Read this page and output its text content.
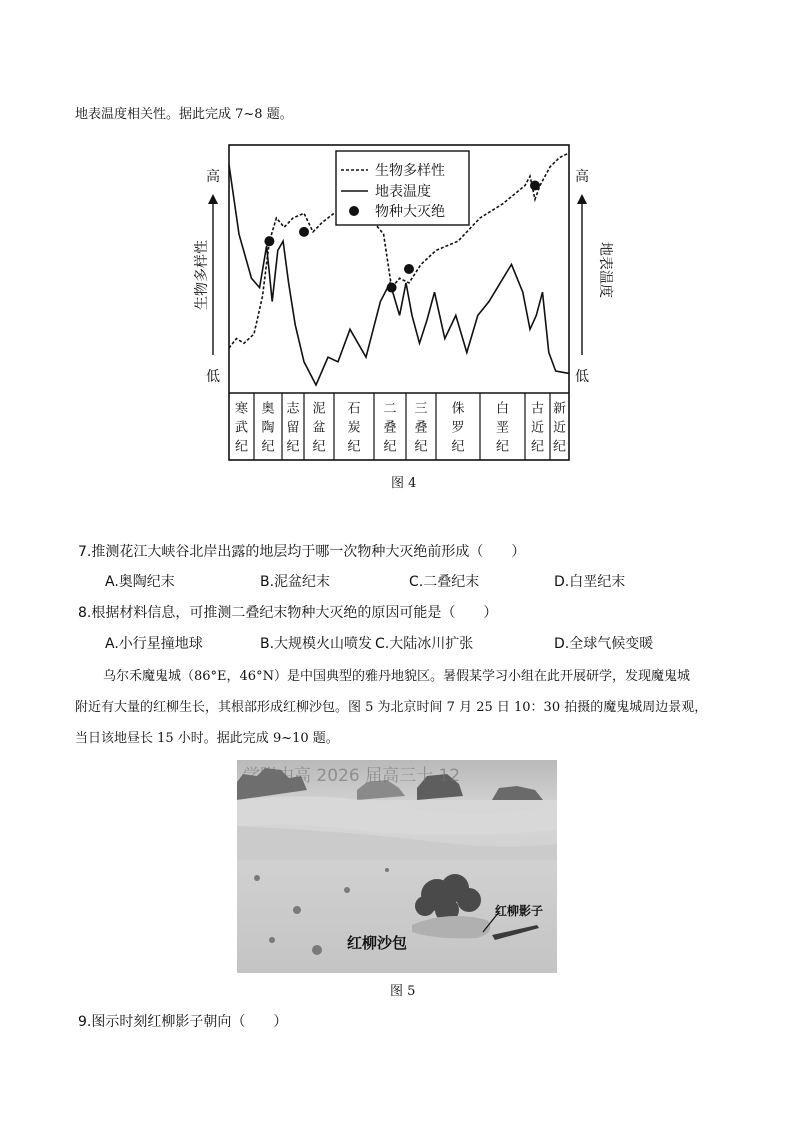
地表温度相关性。据此完成 7~8 题。
寒武纪
奥陶纪
志留纪
泥盆纪
石炭纪
二叠纪
三叠纪
侏罗纪
白垩纪
古近纪
新近纪
生物多样性
地表温度
物种大灭绝
高
低
生物多样性
高
低
地表温度
图 4
7.推测花江大峡谷北岸出露的地层均于哪一次物种大灭绝前形成（　　）
A.奥陶纪末	B.泥盆纪末	C.二叠纪末	D.白垩纪末
8.根据材料信息，可推测二叠纪末物种大灭绝的原因可能是（　　）
A.小行星撞地球	B.大规模火山喷发 C.大陆冰川扩张	D.全球气候变暖
乌尔禾魔鬼城（86°E，46°N）是中国典型的雅丹地貌区。暑假某学习小组在此开展研学，发现魔鬼城
附近有大量的红柳生长，其根部形成红柳沙包。图 5 为北京时间 7 月 25 日 10：30 拍摄的魔鬼城周边景观，
当日该地昼长 15 小时。据此完成 9~10 题。
学附中高 2026 届高三十 12
红柳影子
红柳沙包
图 5
9.图示时刻红柳影子朝向（　　）
